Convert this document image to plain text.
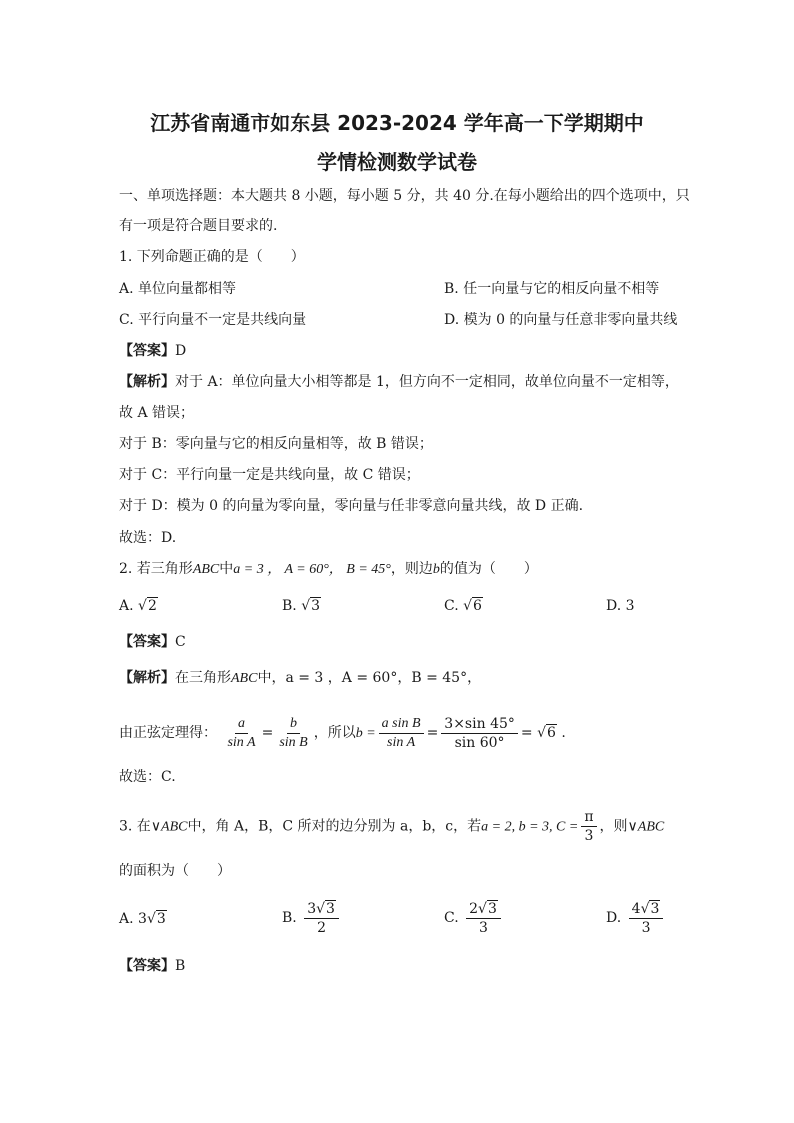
江苏省南通市如东县 2023-2024 学年高一下学期期中
学情检测数学试卷
一、单项选择题：本大题共 8 小题，每小题 5 分，共 40 分.在每小题给出的四个选项中，只
有一项是符合题目要求的.
1. 下列命题正确的是（　　）
A. 单位向量都相等	B. 任一向量与它的相反向量不相等
C. 平行向量不一定是共线向量	D. 模为 0 的向量与任意非零向量共线
【答案】D
【解析】对于 A：单位向量大小相等都是 1，但方向不一定相同，故单位向量不一定相等，
故 A 错误；
对于 B：零向量与它的相反向量相等，故 B 错误；
对于 C：平行向量一定是共线向量，故 C 错误；
对于 D：模为 0 的向量为零向量，零向量与任非零意向量共线，故 D 正确.
故选：D.
2. 若三角形ABC中a = 3 ， A = 60°， B = 45°，则边b的值为（　　）
A. √2	B. √3	C. √6	D. 3
【答案】C
【解析】在三角形ABC中，a = 3 ，A = 60°，B = 45°，
由正弦定理得： $\frac{a}{\text{sin A}} = \frac{b}{\text{sin B}}$ ，所以$b = \frac{\text{a sin B}}{\text{sin A}} = \frac{3\times\sin 45^\circ}{\sin 60^\circ} = √6$ .
故选：C.
3. 在∨ABC中，角 A，B，C 所对的边分别为 a，b，c，若a = 2, b = 3, $C = \frac{\pi}{3}$ ，则∨ABC
的面积为（　　）
A. 3√3	B. $\frac{3√3}{2}$	C. $\frac{2√3}{3}$	D. $\frac{4√3}{3}$
【答案】B
